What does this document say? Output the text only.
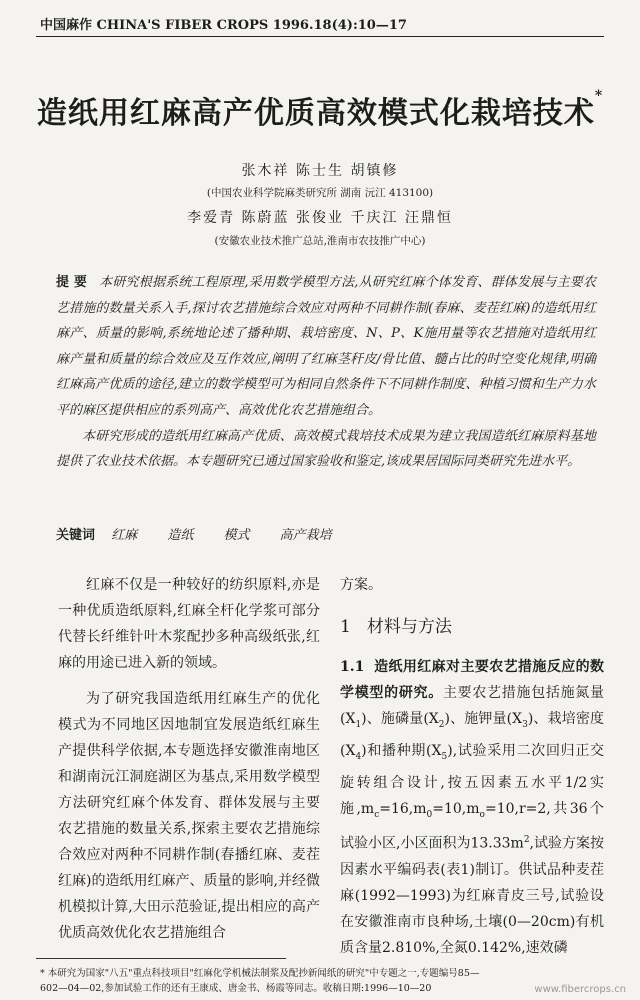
中国麻作 CHINA'S FIBER CROPS 1996.18(4):10—17
造纸用红麻高产优质高效模式化栽培技术*
张木祥 陈士生 胡镇修
(中国农业科学院麻类研究所 湖南 沅江 413100)
李爱青 陈蔚蓝 张俊业 千庆江 汪鼎恒
(安徽农业技术推广总站,淮南市农技推广中心)

提 要 本研究根据系统工程原理,采用数学模型方法,从研究红麻个体发育、群体发展与主要农艺措施的数量关系入手,探讨农艺措施综合效应对两种不同耕作制(春麻、麦茬红麻)的造纸用红麻产、质量的影响,系统地论述了播种期、栽培密度、N、P、K施用量等农艺措施对造纸用红麻产量和质量的综合效应及互作效应,阐明了红麻茎秆皮/骨比值、髓占比的时空变化规律,明确红麻高产优质的途径,建立的数学模型可为相同自然条件下不同耕作制度、种植习惯和生产力水平的麻区提供相应的系列高产、高效优化农艺措施组合。

本研究形成的造纸用红麻高产优质、高效模式栽培技术成果为建立我国造纸红麻原料基地提供了农业技术依据。本专题研究已通过国家验收和鉴定,该成果居国际同类研究先进水平。

关键词 红麻 造纸 模式 高产栽培

红麻不仅是一种较好的纺织原料,亦是一种优质造纸原料,红麻全杆化学浆可部分代替长纤维针叶木浆配抄多种高级纸张,红麻的用途已进入新的领域。

为了研究我国造纸用红麻生产的优化模式为不同地区因地制宜发展造纸红麻生产提供科学依据,本专题选择安徽淮南地区和湖南沅江洞庭湖区为基点,采用数学模型方法研究红麻个体发育、群体发展与主要农艺措施的数量关系,探索主要农艺措施综合效应对两种不同耕作制(春播红麻、麦茬红麻)的造纸用红麻产、质量的影响,并经微机模拟计算,大田示范验证,提出相应的高产优质高效优化农艺措施组合

方案。

1 材料与方法

1.1 造纸用红麻对主要农艺措施反应的数学模型的研究。主要农艺措施包括施氮量$(X_1)$、施磷量$(X_2)$、施钾量$(X_3)$、栽培密度$(X_4)$和播种期$(X_5)$,试验采用二次回归正交旋转组合设计,按五因素五水平1/2实施$,m_c=16,m_0=10,m_o=10,r=2$,共36个试验小区,小区面积为$13.33m^2$,试验方案按因素水平编码表(表1)制订。供试品种麦茬麻(1992—1993)为红麻青皮三号,试验设在安徽淮南市良种场,土壤(0—20cm)有机质含量2.810%,全氮0.142%,速效磷

* 本研究为国家"八五"重点科技项目"红麻化学机械法制浆及配抄新闻纸的研究"中专题之一,专题编号85—
602—04—02,参加试验工作的还有王康成、唐金书、杨霞等同志。收稿日期:1996—10—20	www.fibercrops.cn
